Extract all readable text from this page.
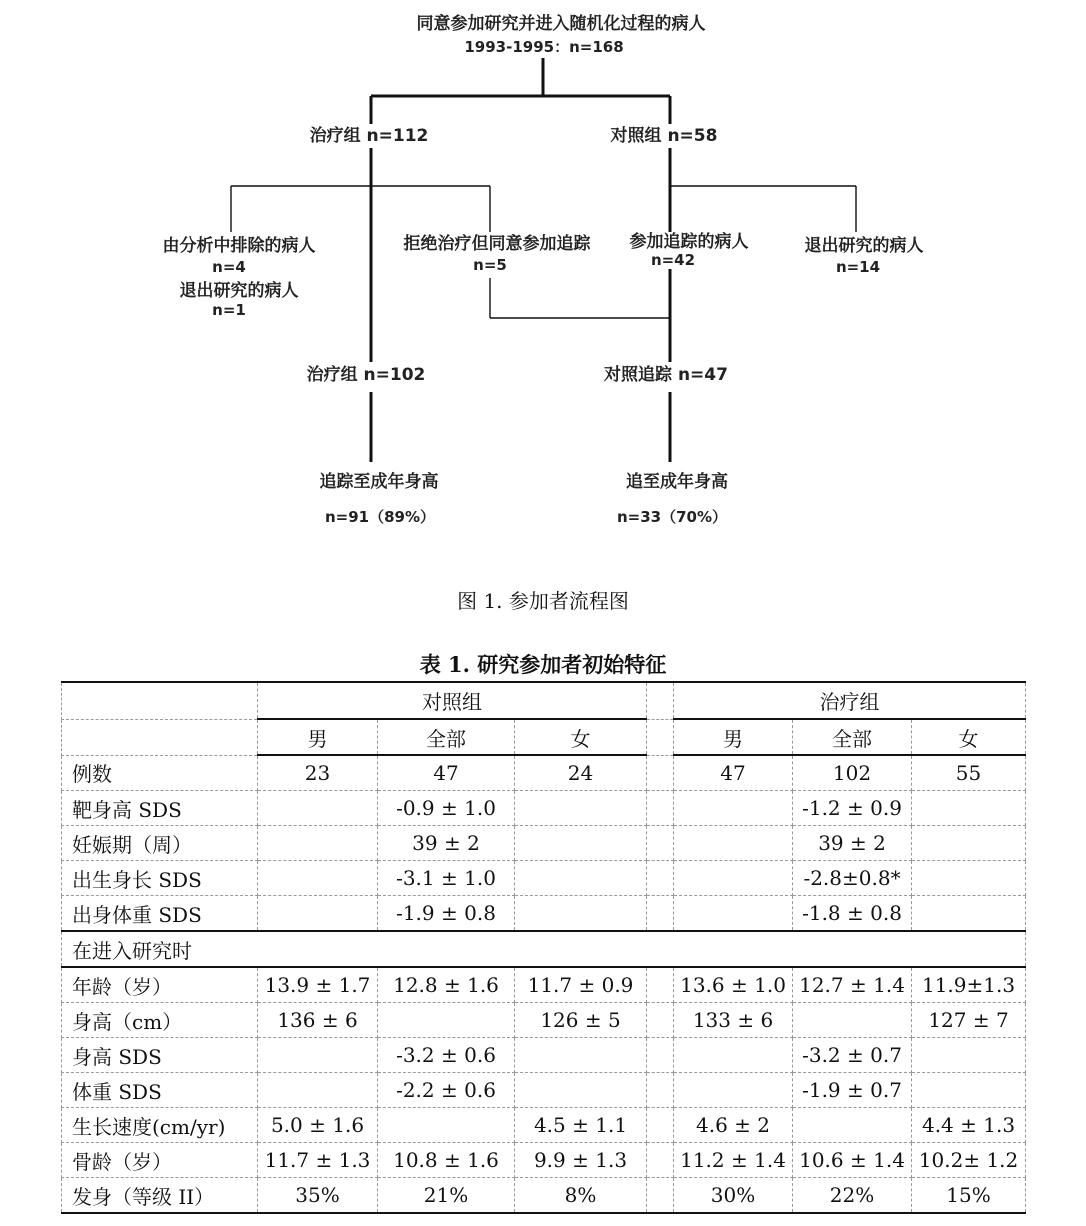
同意参加研究并进入随机化过程的病人
1993-1995：n=168
治疗组 n=112	对照组 n=58
由分析中排除的病人
n=4
退出研究的病人
n=1
拒绝治疗但同意参加追踪
n=5
参加追踪的病人
n=42
退出研究的病人
n=14
治疗组 n=102	对照追踪 n=47
追踪至成年身高
n=91（89%）
追至成年身高
n=33（70%）
图 1. 参加者流程图
表 1. 研究参加者初始特征
	对照组				治疗组		
	男	全部	女		男	全部	女
例数	23	47	24		47	102	55
靶身高 SDS		-0.9 ± 1.0				-1.2 ± 0.9	
妊娠期（周）		39 ± 2				39 ± 2	
出生身长 SDS		-3.1 ± 1.0				-2.8±0.8*	
出身体重 SDS		-1.9 ± 0.8				-1.8 ± 0.8	
在进入研究时							
年龄（岁）	13.9 ± 1.7	12.8 ± 1.6	11.7 ± 0.9		13.6 ± 1.0	12.7 ± 1.4	11.9±1.3
身高（cm）	136 ± 6		126 ± 5		133 ± 6		127 ± 7
身高 SDS		-3.2 ± 0.6				-3.2 ± 0.7	
体重 SDS		-2.2 ± 0.6				-1.9 ± 0.7	
生长速度(cm/yr)	5.0 ± 1.6		4.5 ± 1.1		4.6 ± 2		4.4 ± 1.3
骨龄（岁）	11.7 ± 1.3	10.8 ± 1.6	9.9 ± 1.3		11.2 ± 1.4	10.6 ± 1.4	10.2± 1.2
发身（等级 II）	35%	21%	8%		30%	22%	15%
